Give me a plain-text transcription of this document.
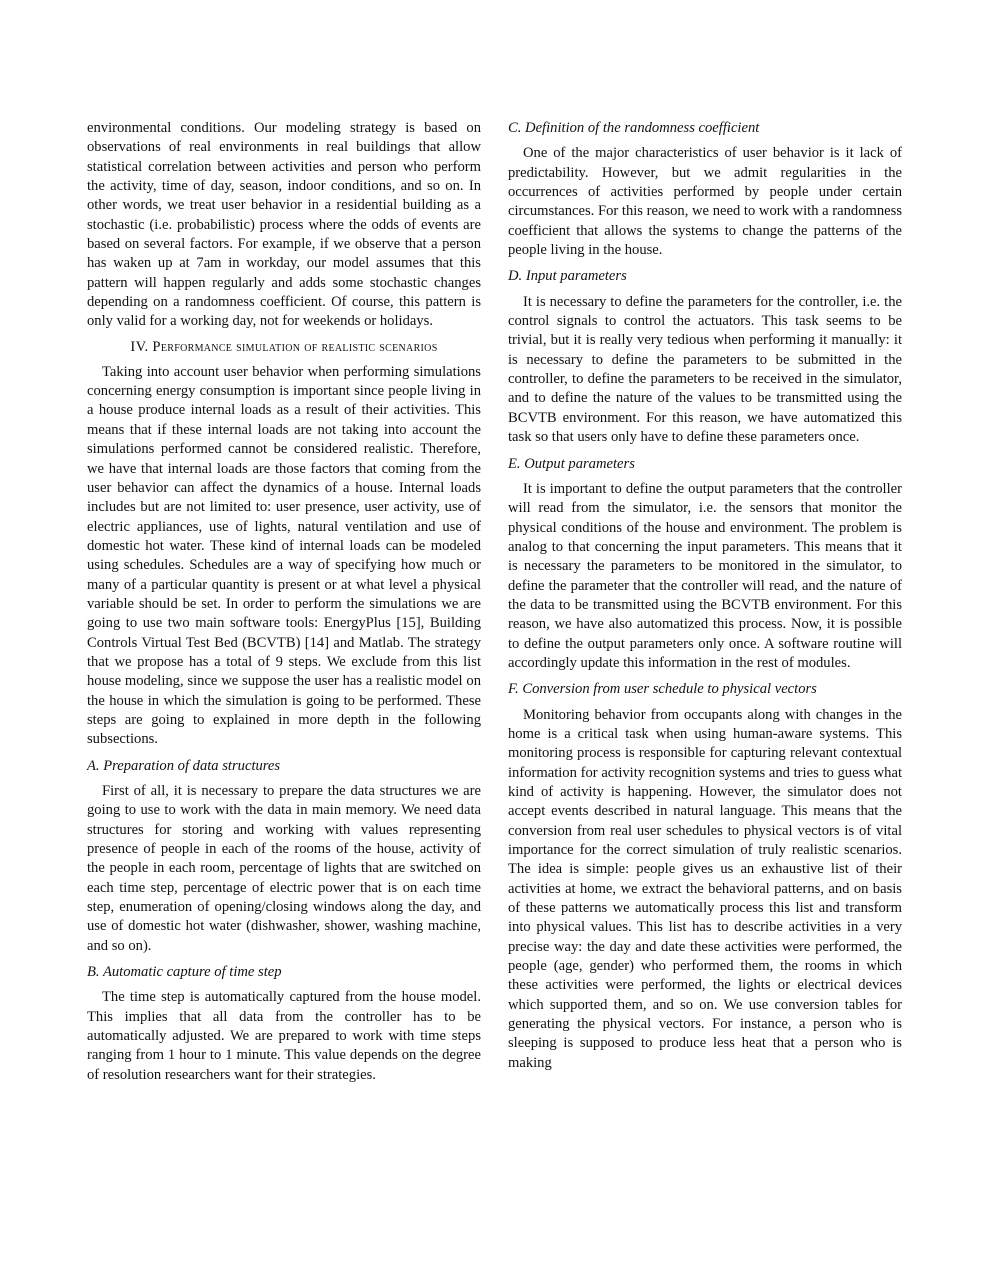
environmental conditions. Our modeling strategy is based on observations of real environments in real buildings that allow statistical correlation between activities and person who perform the activity, time of day, season, indoor conditions, and so on. In other words, we treat user behavior in a residential building as a stochastic (i.e. probabilistic) process where the odds of events are based on several factors. For example, if we observe that a person has waken up at 7am in workday, our model assumes that this pattern will happen regularly and adds some stochastic changes depending on a randomness coefficient. Of course, this pattern is only valid for a working day, not for weekends or holidays.

IV. Performance simulation of realistic scenarios

Taking into account user behavior when performing simulations concerning energy consumption is important since people living in a house produce internal loads as a result of their activities. This means that if these internal loads are not taking into account the simulations performed cannot be considered realistic. Therefore, we have that internal loads are those factors that coming from the user behavior can affect the dynamics of a house. Internal loads includes but are not limited to: user presence, user activity, use of electric appliances, use of lights, natural ventilation and use of domestic hot water. These kind of internal loads can be modeled using schedules. Schedules are a way of specifying how much or many of a particular quantity is present or at what level a physical variable should be set. In order to perform the simulations we are going to use two main software tools: EnergyPlus [15], Building Controls Virtual Test Bed (BCVTB) [14] and Matlab. The strategy that we propose has a total of 9 steps. We exclude from this list house modeling, since we suppose the user has a realistic model on the house in which the simulation is going to be performed. These steps are going to explained in more depth in the following subsections.

A. Preparation of data structures

First of all, it is necessary to prepare the data structures we are going to use to work with the data in main memory. We need data structures for storing and working with values representing presence of people in each of the rooms of the house, activity of the people in each room, percentage of lights that are switched on each time step, percentage of electric power that is on each time step, enumeration of opening/closing windows along the day, and use of domestic hot water (dishwasher, shower, washing machine, and so on).

B. Automatic capture of time step

The time step is automatically captured from the house model. This implies that all data from the controller has to be automatically adjusted. We are prepared to work with time steps ranging from 1 hour to 1 minute. This value depends on the degree of resolution researchers want for their strategies.

C. Definition of the randomness coefficient

One of the major characteristics of user behavior is it lack of predictability. However, but we admit regularities in the occurrences of activities performed by people under certain circumstances. For this reason, we need to work with a randomness coefficient that allows the systems to change the patterns of the people living in the house.

D. Input parameters

It is necessary to define the parameters for the controller, i.e. the control signals to control the actuators. This task seems to be trivial, but it is really very tedious when performing it manually: it is necessary to define the parameters to be submitted in the controller, to define the parameters to be received in the simulator, and to define the nature of the values to be transmitted using the BCVTB environment. For this reason, we have automatized this task so that users only have to define these parameters once.

E. Output parameters

It is important to define the output parameters that the controller will read from the simulator, i.e. the sensors that monitor the physical conditions of the house and environment. The problem is analog to that concerning the input parameters. This means that it is necessary the parameters to be monitored in the simulator, to define the parameter that the controller will read, and the nature of the data to be transmitted using the BCVTB environment. For this reason, we have also automatized this process. Now, it is possible to define the output parameters only once. A software routine will accordingly update this information in the rest of modules.

F. Conversion from user schedule to physical vectors

Monitoring behavior from occupants along with changes in the home is a critical task when using human-aware systems. This monitoring process is responsible for capturing relevant contextual information for activity recognition systems and tries to guess what kind of activity is happening. However, the simulator does not accept events described in natural language. This means that the conversion from real user schedules to physical vectors is of vital importance for the correct simulation of truly realistic scenarios. The idea is simple: people gives us an exhaustive list of their activities at home, we extract the behavioral patterns, and on basis of these patterns we automatically process this list and transform into physical values. This list has to describe activities in a very precise way: the day and date these activities were performed, the people (age, gender) who performed them, the rooms in which these activities were performed, the lights or electrical devices which supported them, and so on. We use conversion tables for generating the physical vectors. For instance, a person who is sleeping is supposed to produce less heat that a person who is making
